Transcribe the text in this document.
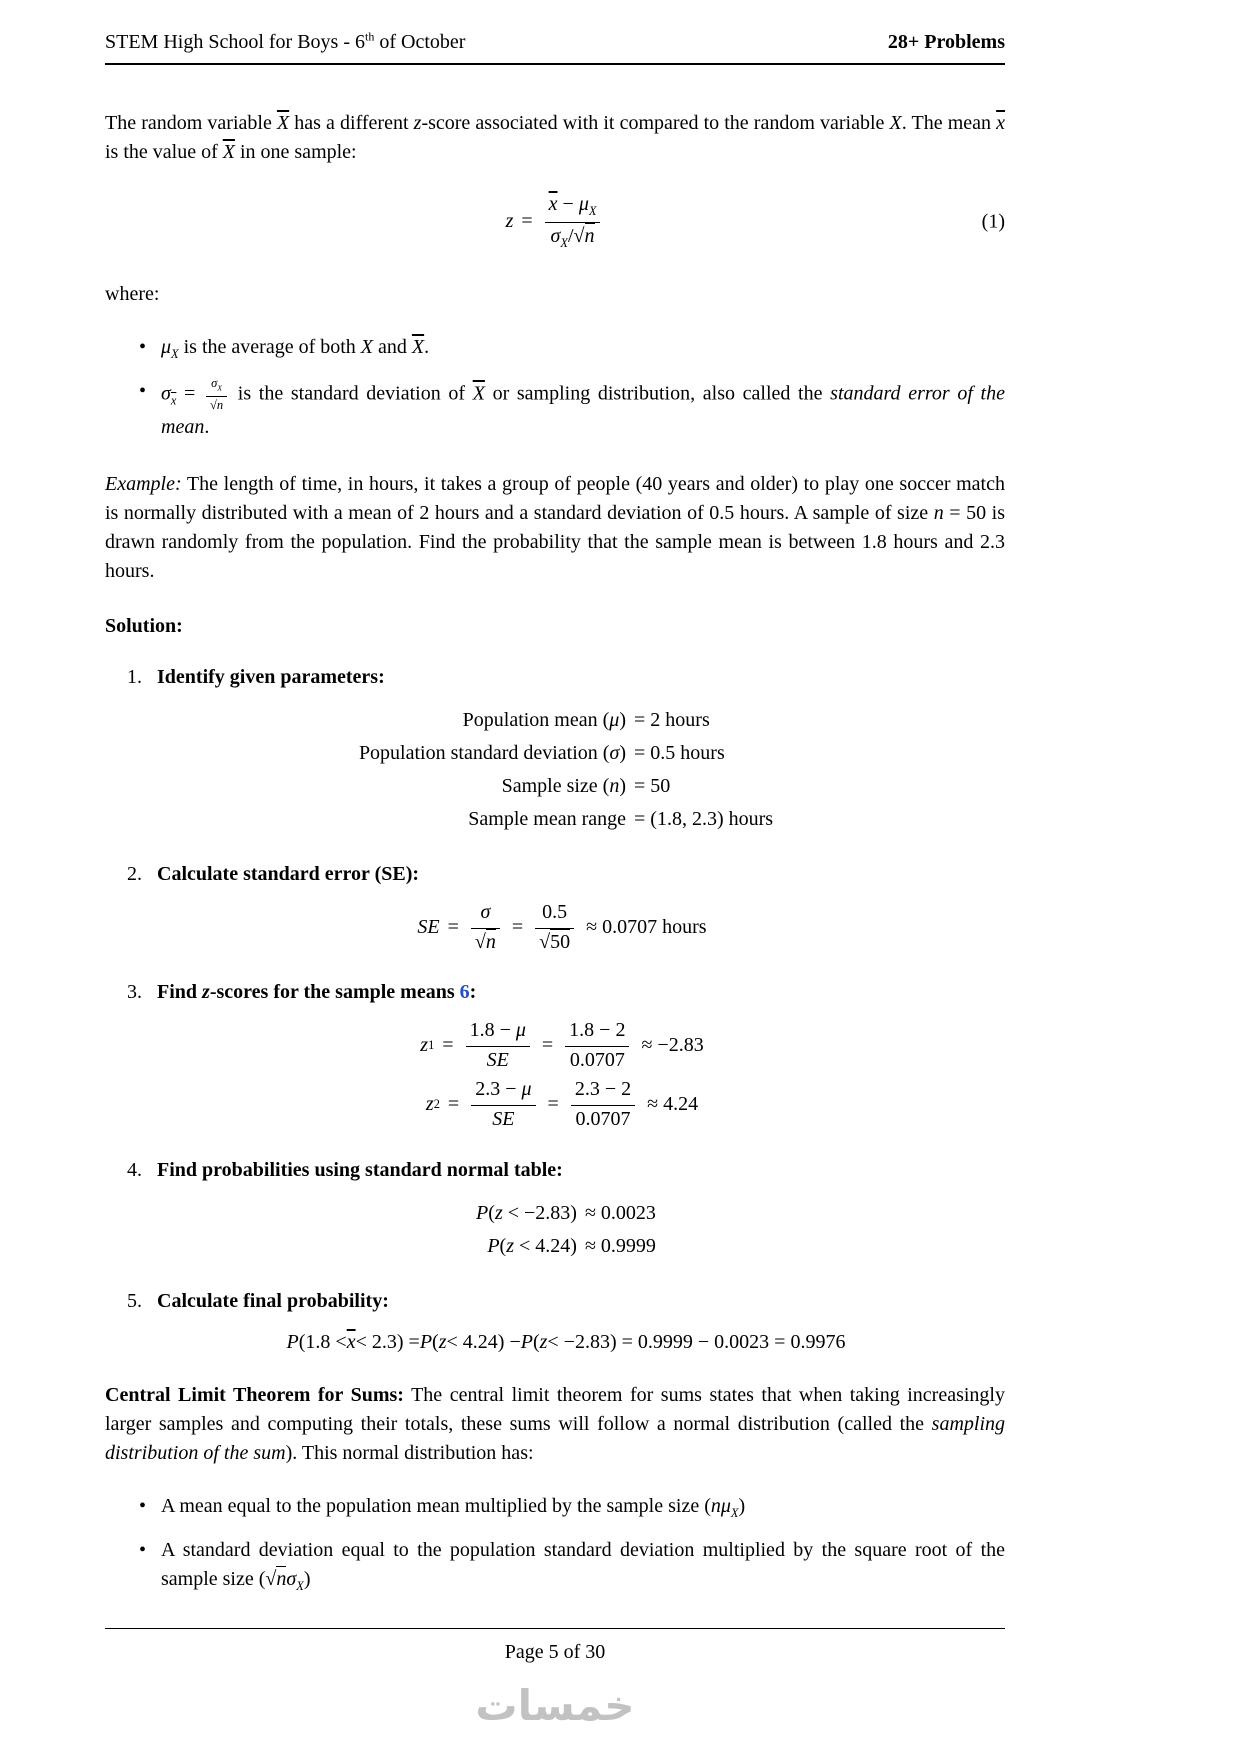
STEM High School for Boys - 6th of October	28+ Problems

The random variable $\overline{X}$ has a different z-score associated with it compared to the random variable X. The mean $\overline{x}$ is the value of $\overline{X}$ in one sample:

$z = \frac{\overline{x} - \mu_X}{\sigma_X/√n}$	(1)

where:

• $\mu_X$ is the average of both X and $\overline{X}$.
• $\sigma_{\overline{x}} = \frac{\sigma_X}{√n}$ is the standard deviation of $\overline{X}$ or sampling distribution, also called the standard error of the mean.

Example: The length of time, in hours, it takes a group of people (40 years and older) to play one soccer match is normally distributed with a mean of 2 hours and a standard deviation of 0.5 hours. A sample of size n = 50 is drawn randomly from the population. Find the probability that the sample mean is between 1.8 hours and 2.3 hours.

Solution:

1. Identify given parameters:
Population mean (μ)	= 2 hours
Population standard deviation (σ)	= 0.5 hours
Sample size (n)	= 50
Sample mean range	= (1.8, 2.3) hours
2. Calculate standard error (SE):
SE = $\frac{\sigma}{√n} = \frac{0.5}{√50} \approx 0.0707$ hours
3. Find z-scores for the sample means 6:
z $1 = \frac{1.8 - \mu}{SE} = \frac{1.8 - 2}{0.0707} \approx -2.83$
z $2 = \frac{2.3 - \mu}{SE} = \frac{2.3 - 2}{0.0707} \approx 4.24$
4. Find probabilities using standard normal table:
P(z < −2.83)	≈ 0.0023
P(z < 4.24)	≈ 0.9999
5. Calculate final probability:
P $(1.8 < \overline{x} < 2.3) = P$ ( z < 4.24) − P ( z < −2.83) = 0.9999 − 0.0023 = 0.9976

Central Limit Theorem for Sums: The central limit theorem for sums states that when taking increasingly larger samples and computing their totals, these sums will follow a normal distribution (called the sampling distribution of the sum). This normal distribution has:

• A mean equal to the population mean multiplied by the sample size $(n\mu_X)$
• A standard deviation equal to the population standard deviation multiplied by the square root of the sample size $(√n\sigma_X)$
Page 5 of 30
خمسات
